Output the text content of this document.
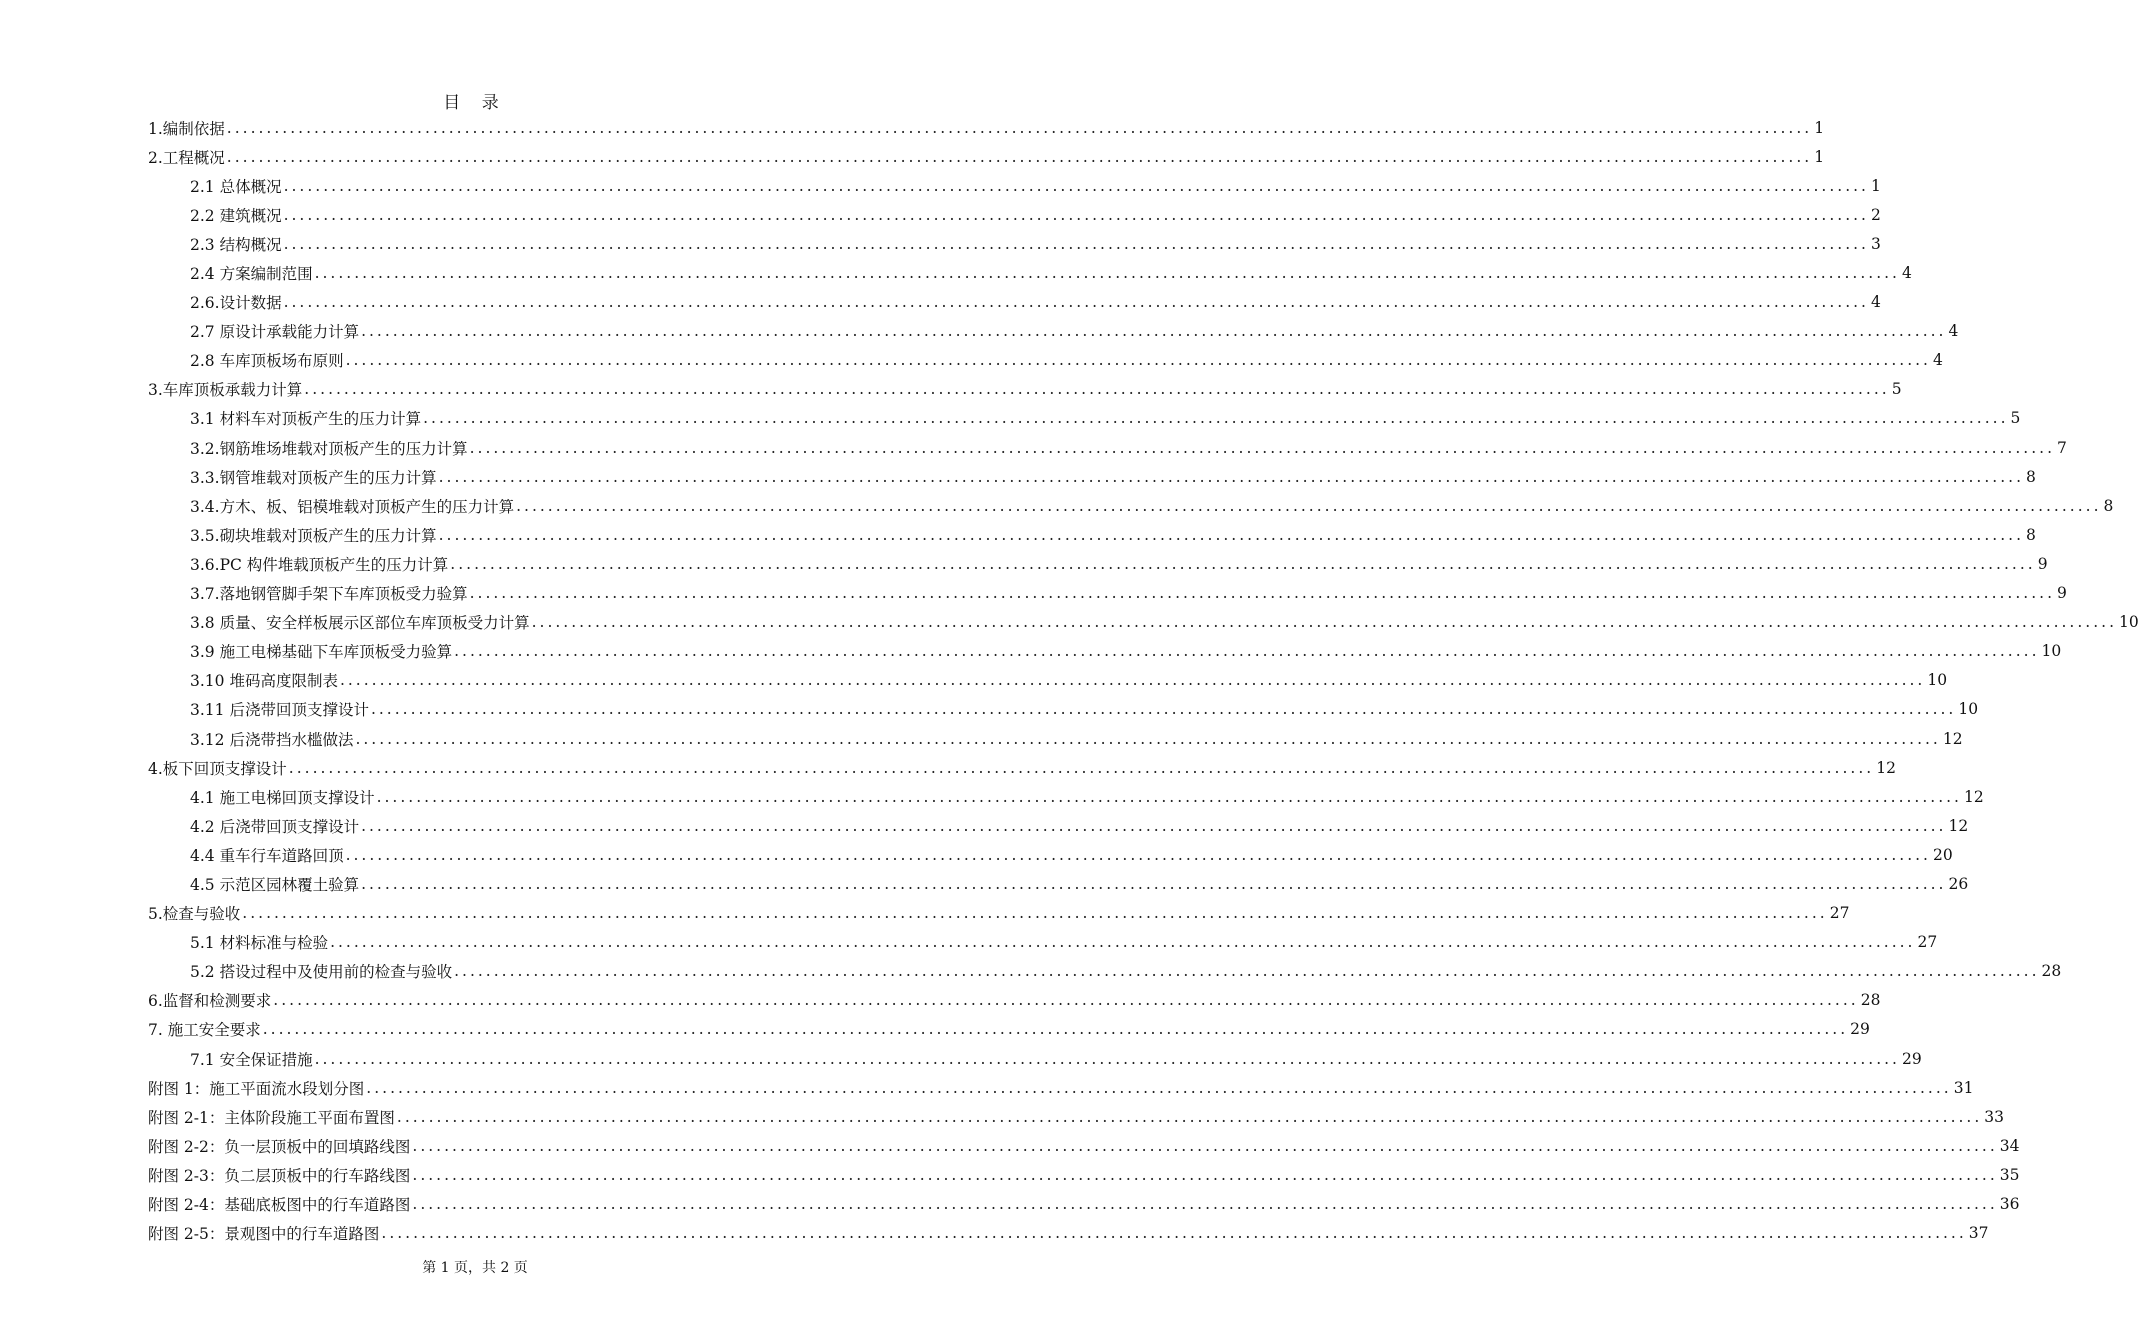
目 录
1.编制依据 ........................................................................................................................................................................................................ 1
2.工程概况 ........................................................................................................................................................................................................ 1
2.1 总体概况 ........................................................................................................................................................................................................ 1
2.2 建筑概况 ........................................................................................................................................................................................................ 2
2.3 结构概况 ........................................................................................................................................................................................................ 3
2.4 方案编制范围 ........................................................................................................................................................................................................ 4
2.6.设计数据 ........................................................................................................................................................................................................ 4
2.7 原设计承载能力计算 ........................................................................................................................................................................................................ 4
2.8 车库顶板场布原则 ........................................................................................................................................................................................................ 4
3.车库顶板承载力计算 ........................................................................................................................................................................................................ 5
3.1 材料车对顶板产生的压力计算 ........................................................................................................................................................................................................ 5
3.2.钢筋堆场堆载对顶板产生的压力计算 ........................................................................................................................................................................................................ 7
3.3.钢管堆载对顶板产生的压力计算 ........................................................................................................................................................................................................ 8
3.4.方木、板、铝模堆载对顶板产生的压力计算 ........................................................................................................................................................................................................ 8
3.5.砌块堆载对顶板产生的压力计算 ........................................................................................................................................................................................................ 8
3.6.PC 构件堆载顶板产生的压力计算 ........................................................................................................................................................................................................ 9
3.7.落地钢管脚手架下车库顶板受力验算 ........................................................................................................................................................................................................ 9
3.8 质量、安全样板展示区部位车库顶板受力计算 ........................................................................................................................................................................................................ 10
3.9 施工电梯基础下车库顶板受力验算 ........................................................................................................................................................................................................ 10
3.10 堆码高度限制表 ........................................................................................................................................................................................................ 10
3.11 后浇带回顶支撑设计 ........................................................................................................................................................................................................ 10
3.12 后浇带挡水槛做法 ........................................................................................................................................................................................................ 12
4.板下回顶支撑设计 ........................................................................................................................................................................................................ 12
4.1 施工电梯回顶支撑设计 ........................................................................................................................................................................................................ 12
4.2 后浇带回顶支撑设计 ........................................................................................................................................................................................................ 12
4.4 重车行车道路回顶 ........................................................................................................................................................................................................ 20
4.5 示范区园林覆土验算 ........................................................................................................................................................................................................ 26
5.检查与验收 ........................................................................................................................................................................................................ 27
5.1 材料标准与检验 ........................................................................................................................................................................................................ 27
5.2 搭设过程中及使用前的检查与验收 ........................................................................................................................................................................................................ 28
6.监督和检测要求 ........................................................................................................................................................................................................ 28
7. 施工安全要求 ........................................................................................................................................................................................................ 29
7.1 安全保证措施 ........................................................................................................................................................................................................ 29
附图 1：施工平面流水段划分图 ........................................................................................................................................................................................................ 31
附图 2-1：主体阶段施工平面布置图 ........................................................................................................................................................................................................ 33
附图 2-2：负一层顶板中的回填路线图 ........................................................................................................................................................................................................ 34
附图 2-3：负二层顶板中的行车路线图 ........................................................................................................................................................................................................ 35
附图 2-4：基础底板图中的行车道路图 ........................................................................................................................................................................................................ 36
附图 2-5：景观图中的行车道路图 ........................................................................................................................................................................................................ 37
第 1 页，共 2 页
